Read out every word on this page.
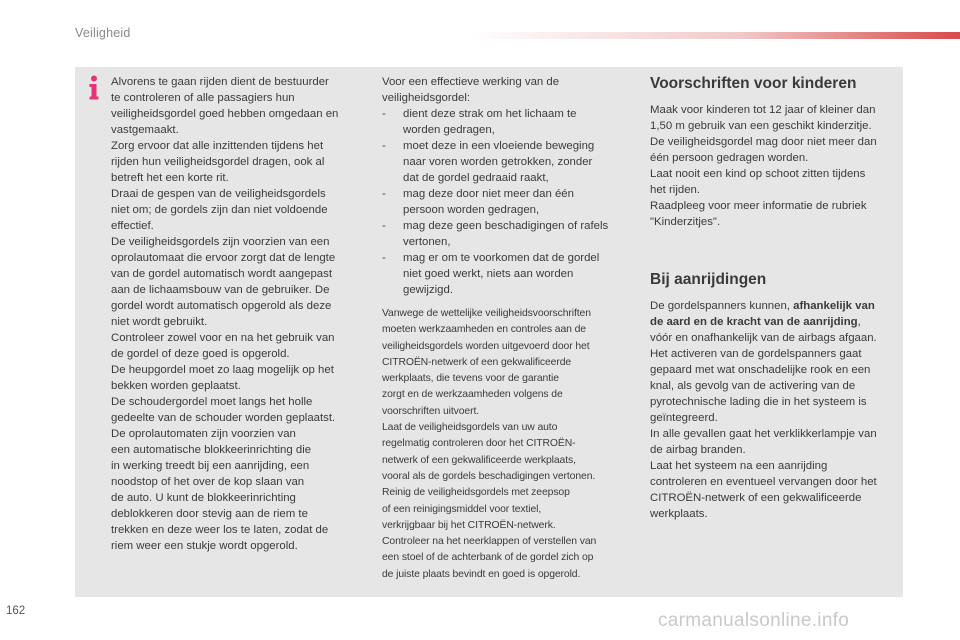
Veiligheid

Alvorens te gaan rijden dient de bestuurder
te controleren of alle passagiers hun
veiligheidsgordel goed hebben omgedaan en
vastgemaakt.
Zorg ervoor dat alle inzittenden tijdens het
rijden hun veiligheidsgordel dragen, ook al
betreft het een korte rit.
Draai de gespen van de veiligheidsgordels
niet om; de gordels zijn dan niet voldoende
effectief.
De veiligheidsgordels zijn voorzien van een
oprolautomaat die ervoor zorgt dat de lengte
van de gordel automatisch wordt aangepast
aan de lichaamsbouw van de gebruiker. De
gordel wordt automatisch opgerold als deze
niet wordt gebruikt.
Controleer zowel voor en na het gebruik van
de gordel of deze goed is opgerold.
De heupgordel moet zo laag mogelijk op het
bekken worden geplaatst.
De schoudergordel moet langs het holle
gedeelte van de schouder worden geplaatst.
De oprolautomaten zijn voorzien van
een automatische blokkeerinrichting die
in werking treedt bij een aanrijding, een
noodstop of het over de kop slaan van
de auto. U kunt de blokkeerinrichting
deblokkeren door stevig aan de riem te
trekken en deze weer los te laten, zodat de
riem weer een stukje wordt opgerold.

Voor een effectieve werking van de
veiligheidsgordel:

- dient deze strak om het lichaam te
worden gedragen,
- moet deze in een vloeiende beweging
naar voren worden getrokken, zonder
dat de gordel gedraaid raakt,
- mag deze door niet meer dan één
persoon worden gedragen,
- mag deze geen beschadigingen of rafels
vertonen,
- mag er om te voorkomen dat de gordel
niet goed werkt, niets aan worden
gewijzigd.

Vanwege de wettelijke veiligheidsvoorschriften
moeten werkzaamheden en controles aan de
veiligheidsgordels worden uitgevoerd door het
CITROËN-netwerk of een gekwalificeerde
werkplaats, die tevens voor de garantie
zorgt en de werkzaamheden volgens de
voorschriften uitvoert.
Laat de veiligheidsgordels van uw auto
regelmatig controleren door het CITROËN-
netwerk of een gekwalificeerde werkplaats,
vooral als de gordels beschadigingen vertonen.
Reinig de veiligheidsgordels met zeepsop
of een reinigingsmiddel voor textiel,
verkrijgbaar bij het CITROËN-netwerk.
Controleer na het neerklappen of verstellen van
een stoel of de achterbank of de gordel zich op
de juiste plaats bevindt en goed is opgerold.

Voorschriften voor kinderen

Maak voor kinderen tot 12 jaar of kleiner dan
1,50 m gebruik van een geschikt kinderzitje.
De veiligheidsgordel mag door niet meer dan
één persoon gedragen worden.
Laat nooit een kind op schoot zitten tijdens
het rijden.
Raadpleeg voor meer informatie de rubriek
"Kinderzitjes".

Bij aanrijdingen

De gordelspanners kunnen, afhankelijk van
de aard en de kracht van de aanrijding,
vóór en onafhankelijk van de airbags afgaan.
Het activeren van de gordelspanners gaat
gepaard met wat onschadelijke rook en een
knal, als gevolg van de activering van de
pyrotechnische lading die in het systeem is
geïntegreerd.
In alle gevallen gaat het verklikkerlampje van
de airbag branden.
Laat het systeem na een aanrijding
controleren en eventueel vervangen door het
CITROËN-netwerk of een gekwalificeerde
werkplaats.

162	carmanualsonline.info
